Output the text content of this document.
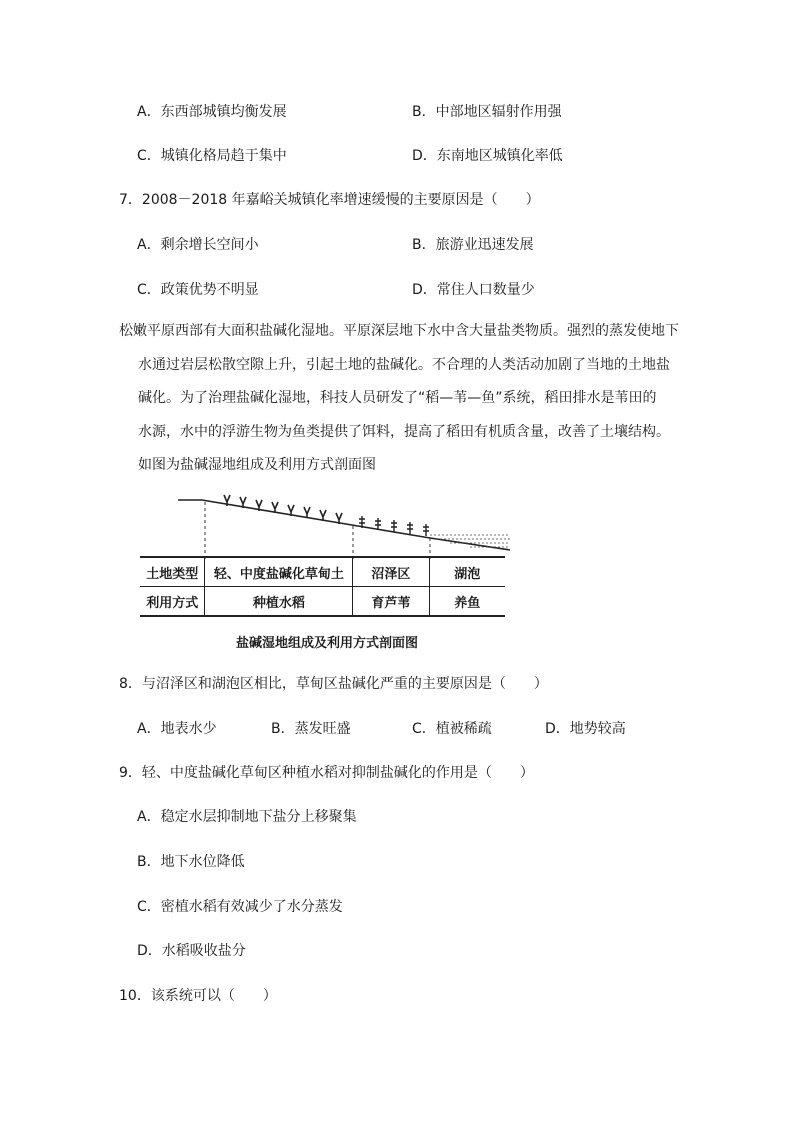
A．东西部城镇均衡发展	B．中部地区辐射作用强
C．城镇化格局趋于集中	D．东南地区城镇化率低
7．2008－2018 年嘉峪关城镇化率增速缓慢的主要原因是（　　）
A．剩余增长空间小	B．旅游业迅速发展
C．政策优势不明显	D．常住人口数量少
松嫩平原西部有大面积盐碱化湿地。平原深层地下水中含大量盐类物质。强烈的蒸发使地下
水通过岩层松散空隙上升，引起土地的盐碱化。不合理的人类活动加剧了当地的土地盐
碱化。为了治理盐碱化湿地，科技人员研发了“稻—苇—鱼”系统，稻田排水是苇田的
水源，水中的浮游生物为鱼类提供了饵料，提高了稻田有机质含量，改善了土壤结构。
如图为盐碱湿地组成及利用方式剖面图
土地类型	轻、中度盐碱化草甸土	沼泽区	湖泡
利用方式	种植水稻	育芦苇	养鱼
盐碱湿地组成及利用方式剖面图
8．与沼泽区和湖泡区相比，草甸区盐碱化严重的主要原因是（　　）
A．地表水少	B．蒸发旺盛	C．植被稀疏	D．地势较高
9．轻、中度盐碱化草甸区种植水稻对抑制盐碱化的作用是（　　）
A．稳定水层抑制地下盐分上移聚集
B．地下水位降低
C．密植水稻有效减少了水分蒸发
D．水稻吸收盐分
10．该系统可以（　　）
